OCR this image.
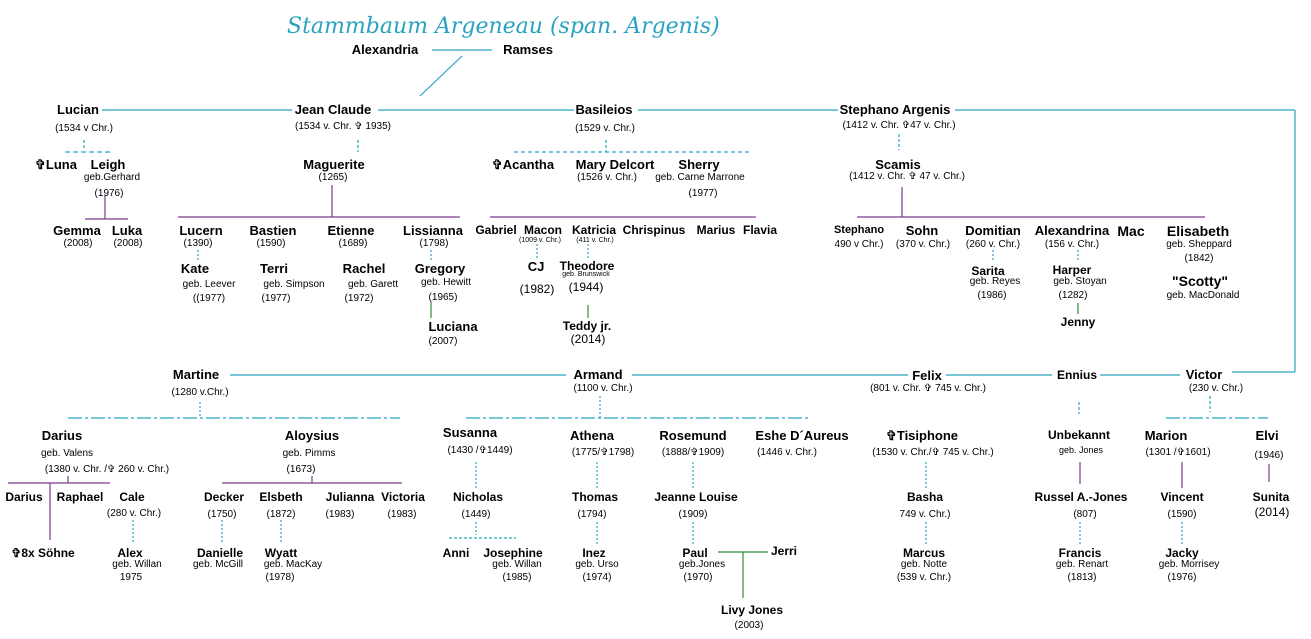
Stammbaum Argeneau (span. Argenis)
Alexandria	Ramses
Lucian
(1534 v Chr.)
Jean Claude
(1534 v. Chr. ✞ 1935)
Basileios
(1529 v. Chr.)
Stephano Argenis
(1412 v. Chr. ✞47 v. Chr.)
✞Luna Leigh
geb.Gerhard
(1976)
Gemma
(2008)
Luka
(2008)
Maguerite
(1265)
Lucern
(1390)
Bastien
(1590)
Etienne
(1689)
Lissianna
(1798)
Kate
geb. Leever
((1977)
Terri
geb. Simpson
(1977)
Rachel
geb. Garett
(1972)
Gregory
geb. Hewitt
(1965)
Luciana
(2007)
✞Acantha Mary Delcort
(1526 v. Chr.)
Sherry
geb. Carne Marrone
(1977)
Gabriel Macon
(1009 v. Chr.)
Katricia
(411 v. Chr.)
Chrispinus Marius Flavia
CJ
(1982)
Theodore
geb. Brunswick
(1944)
Teddy jr.
(2014)
Scamis
(1412 v. Chr. ✞ 47 v. Chr.)
Stephano
490 v Chr.)
Sohn
(370 v. Chr.)
Domitian
(260 v. Chr.)
Alexandrina
(156 v. Chr.)
Mac Elisabeth
geb. Sheppard
(1842)
Sarita
geb. Reyes
(1986)
Harper
geb. Stoyan
(1282)
"Scotty"
geb. MacDonald
Jenny
Martine
(1280 v.Chr.)
Armand
(1100 v. Chr.)
Felix
(801 v. Chr. ✞ 745 v. Chr.)
Ennius	Victor
(230 v. Chr.)
Darius
geb. Valens
(1380 v. Chr. /✞ 260 v. Chr.)
Aloysius
geb. Pimms
(1673)
Darius Raphael Cale
(280 v. Chr.)
✞8x Söhne	Alex
geb. Willan
1975
Decker
(1750)
Elsbeth
(1872)
Julianna
(1983)
Victoria
(1983)
Danielle
geb. McGill
Wyatt
geb. MacKay
(1978)
Susanna
(1430 /✞1449)
Athena
(1775/✞1798)
Rosemund
(1888/✞1909)
Eshe D´Aureus
(1446 v. Chr.)
Nicholas
(1449)
Thomas
(1794)
Jeanne Louise
(1909)
Anni Josephine
geb. Willan
(1985)
Inez
geb. Urso
(1974)
Paul
geb.Jones
(1970)
Jerri
Livy Jones
(2003)
✞Tisiphone
(1530 v. Chr./✞ 745 v. Chr.)
Basha
749 v. Chr.)
Marcus
geb. Notte
(539 v. Chr.)
Unbekannt
geb. Jones
Russel A.-Jones
(807)
Francis
geb. Renart
(1813)
Marion
(1301 /✞1601)
Elvi
(1946)
Vincent
(1590)
Sunita
(2014)
Jacky
geb. Morrisey
(1976)
